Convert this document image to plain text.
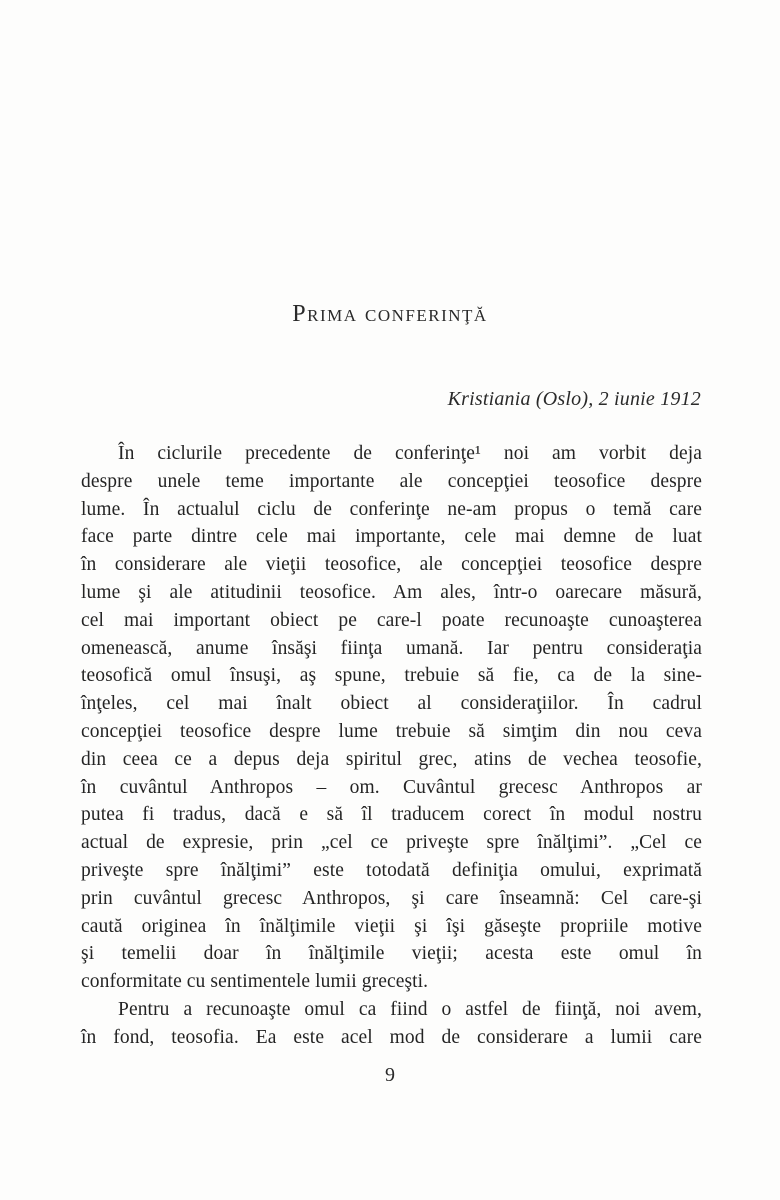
Prima conferinţă
Kristiania (Oslo), 2 iunie 1912
În ciclurile precedente de conferinţe¹ noi am vorbit deja
despre unele teme importante ale concepţiei teosofice despre
lume. În actualul ciclu de conferinţe ne-am propus o temă care
face parte dintre cele mai importante, cele mai demne de luat
în considerare ale vieţii teosofice, ale concepţiei teosofice despre
lume şi ale atitudinii teosofice. Am ales, într-o oarecare măsură,
cel mai important obiect pe care-l poate recunoaşte cunoaşterea
omenească, anume însăşi fiinţa umană. Iar pentru consideraţia
teosofică omul însuşi, aş spune, trebuie să fie, ca de la sine-
înţeles, cel mai înalt obiect al consideraţiilor. În cadrul
concepţiei teosofice despre lume trebuie să simţim din nou ceva
din ceea ce a depus deja spiritul grec, atins de vechea teosofie,
în cuvântul Anthropos – om. Cuvântul grecesc Anthropos ar
putea fi tradus, dacă e să îl traducem corect în modul nostru
actual de expresie, prin „cel ce priveşte spre înălţimi”. „Cel ce
priveşte spre înălţimi” este totodată definiţia omului, exprimată
prin cuvântul grecesc Anthropos, şi care înseamnă: Cel care-şi
caută originea în înălţimile vieţii şi îşi găseşte propriile motive
şi temelii doar în înălţimile vieţii; acesta este omul în
conformitate cu sentimentele lumii greceşti.
Pentru a recunoaşte omul ca fiind o astfel de fiinţă, noi avem,
în fond, teosofia. Ea este acel mod de considerare a lumii care
9
